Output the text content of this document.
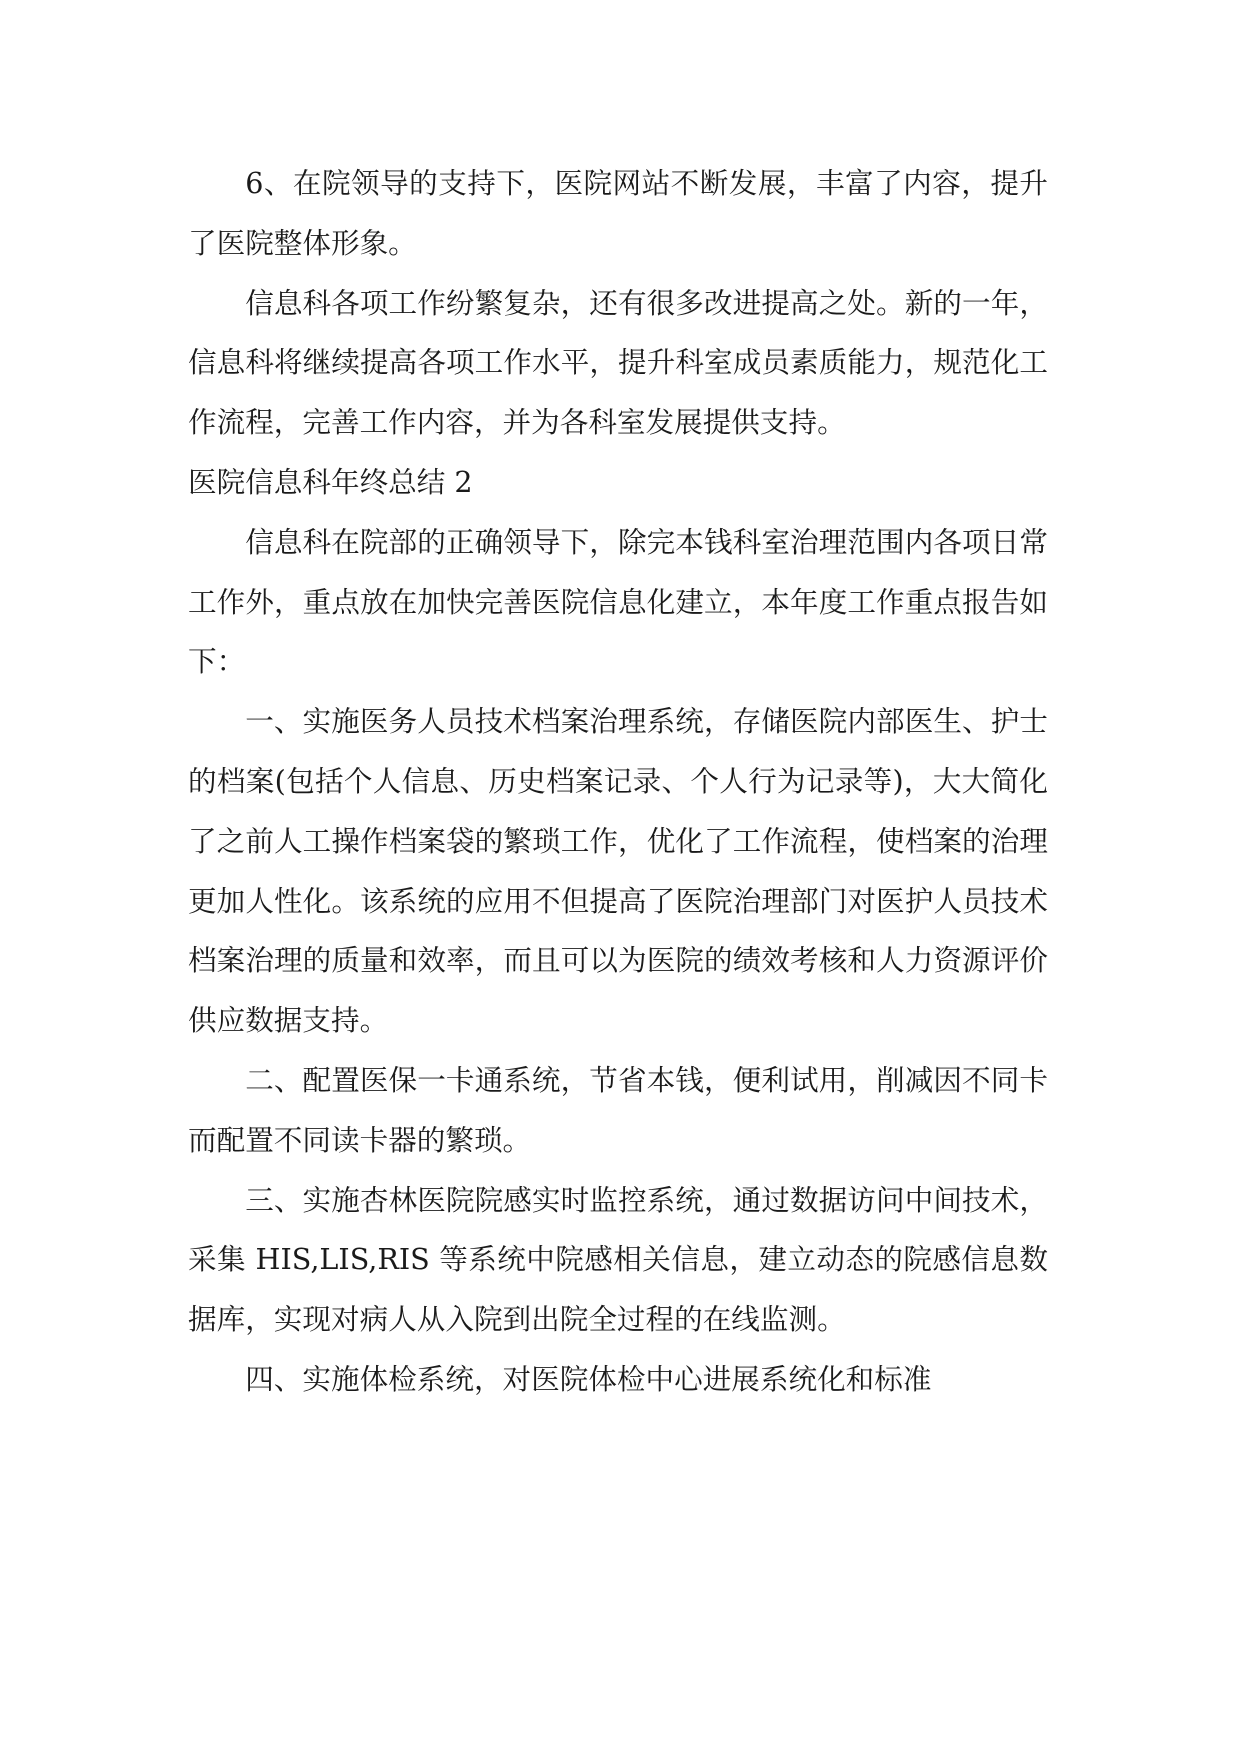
6、在院领导的支持下，医院网站不断发展，丰富了内容，提升了医院整体形象。

信息科各项工作纷繁复杂，还有很多改进提高之处。新的一年，信息科将继续提高各项工作水平，提升科室成员素质能力，规范化工作流程，完善工作内容，并为各科室发展提供支持。

医院信息科年终总结 2

信息科在院部的正确领导下，除完本钱科室治理范围内各项日常工作外，重点放在加快完善医院信息化建立，本年度工作重点报告如下：

一、实施医务人员技术档案治理系统，存储医院内部医生、护士的档案(包括个人信息、历史档案记录、个人行为记录等)，大大简化了之前人工操作档案袋的繁琐工作，优化了工作流程，使档案的治理更加人性化。该系统的应用不但提高了医院治理部门对医护人员技术档案治理的质量和效率，而且可以为医院的绩效考核和人力资源评价供应数据支持。

二、配置医保一卡通系统，节省本钱，便利试用，削减因不同卡而配置不同读卡器的繁琐。

三、实施杏林医院院感实时监控系统，通过数据访问中间技术，采集 HIS,LIS,RIS 等系统中院感相关信息，建立动态的院感信息数据库，实现对病人从入院到出院全过程的在线监测。

四、实施体检系统，对医院体检中心进展系统化和标准
